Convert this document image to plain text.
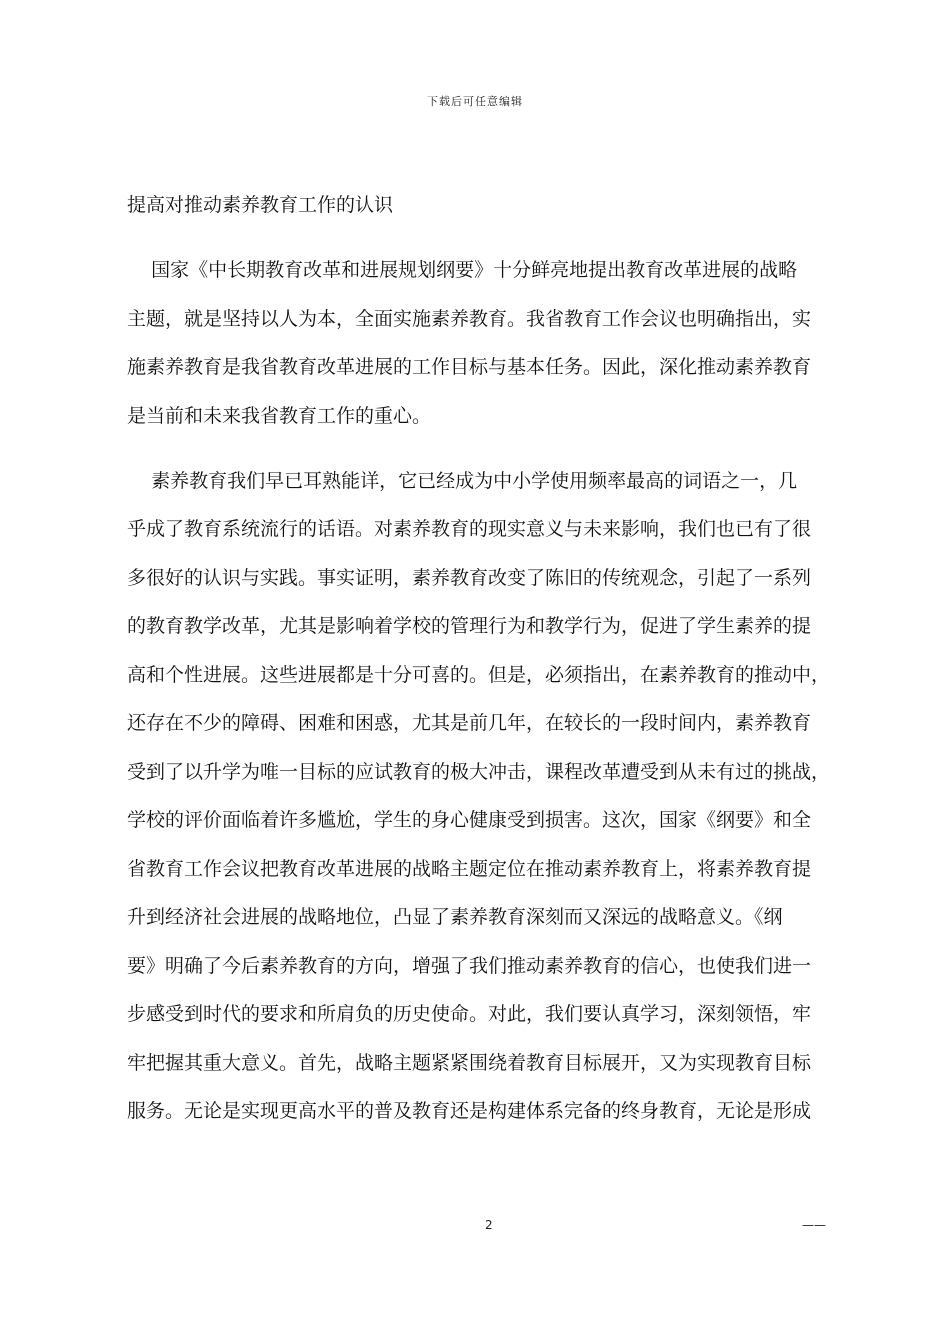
下载后可任意编辑
提高对推动素养教育工作的认识
国家《中长期教育改革和进展规划纲要》十分鲜亮地提出教育改革进展的战略
主题，就是坚持以人为本，全面实施素养教育。我省教育工作会议也明确指出，实
施素养教育是我省教育改革进展的工作目标与基本任务。因此，深化推动素养教育
是当前和未来我省教育工作的重心。
素养教育我们早已耳熟能详，它已经成为中小学使用频率最高的词语之一，几
乎成了教育系统流行的话语。对素养教育的现实意义与未来影响，我们也已有了很
多很好的认识与实践。事实证明，素养教育改变了陈旧的传统观念，引起了一系列
的教育教学改革，尤其是影响着学校的管理行为和教学行为，促进了学生素养的提
高和个性进展。这些进展都是十分可喜的。但是，必须指出，在素养教育的推动中，
还存在不少的障碍、困难和困惑，尤其是前几年，在较长的一段时间内，素养教育
受到了以升学为唯一目标的应试教育的极大冲击，课程改革遭受到从未有过的挑战，
学校的评价面临着许多尴尬，学生的身心健康受到损害。这次，国家《纲要》和全
省教育工作会议把教育改革进展的战略主题定位在推动素养教育上，将素养教育提
升到经济社会进展的战略地位，凸显了素养教育深刻而又深远的战略意义。《纲
要》明确了今后素养教育的方向，增强了我们推动素养教育的信心，也使我们进一
步感受到时代的要求和所肩负的历史使命。对此，我们要认真学习，深刻领悟，牢
牢把握其重大意义。首先，战略主题紧紧围绕着教育目标展开，又为实现教育目标
服务。无论是实现更高水平的普及教育还是构建体系完备的终身教育，无论是形成
2	——
